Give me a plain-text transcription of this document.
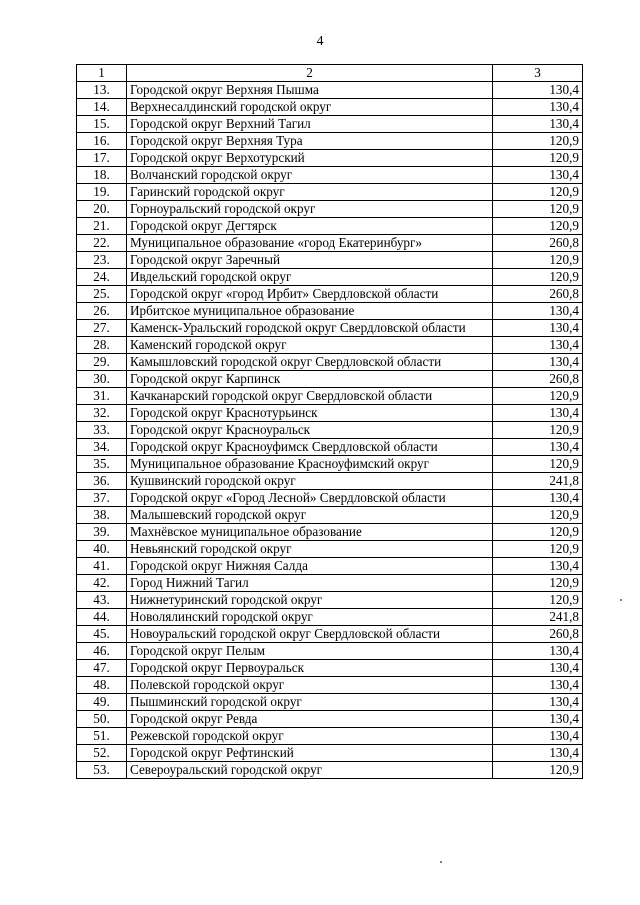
4
1	2	3
13.	Городской округ Верхняя Пышма	130,4
14.	Верхнесалдинский городской округ	130,4
15.	Городской округ Верхний Тагил	130,4
16.	Городской округ Верхняя Тура	120,9
17.	Городской округ Верхотурский	120,9
18.	Волчанский городской округ	130,4
19.	Гаринский городской округ	120,9
20.	Горноуральский городской округ	120,9
21.	Городской округ Дегтярск	120,9
22.	Муниципальное образование «город Екатеринбург»	260,8
23.	Городской округ Заречный	120,9
24.	Ивдельский городской округ	120,9
25.	Городской округ «город Ирбит» Свердловской области	260,8
26.	Ирбитское муниципальное образование	130,4
27.	Каменск-Уральский городской округ Свердловской области	130,4
28.	Каменский городской округ	130,4
29.	Камышловский городской округ Свердловской области	130,4
30.	Городской округ Карпинск	260,8
31.	Качканарский городской округ Свердловской области	120,9
32.	Городской округ Краснотурьинск	130,4
33.	Городской округ Красноуральск	120,9
34.	Городской округ Красноуфимск Свердловской области	130,4
35.	Муниципальное образование Красноуфимский округ	120,9
36.	Кушвинский городской округ	241,8
37.	Городской округ «Город Лесной» Свердловской области	130,4
38.	Малышевский городской округ	120,9
39.	Махнёвское муниципальное образование	120,9
40.	Невьянский городской округ	120,9
41.	Городской округ Нижняя Салда	130,4
42.	Город Нижний Тагил	120,9
43.	Нижнетуринский городской округ	120,9
44.	Новолялинский городской округ	241,8
45.	Новоуральский городской округ Свердловской области	260,8
46.	Городской округ Пелым	130,4
47.	Городской округ Первоуральск	130,4
48.	Полевской городской округ	130,4
49.	Пышминский городской округ	130,4
50.	Городской округ Ревда	130,4
51.	Режевской городской округ	130,4
52.	Городской округ Рефтинский	130,4
53.	Североуральский городской округ	120,9
